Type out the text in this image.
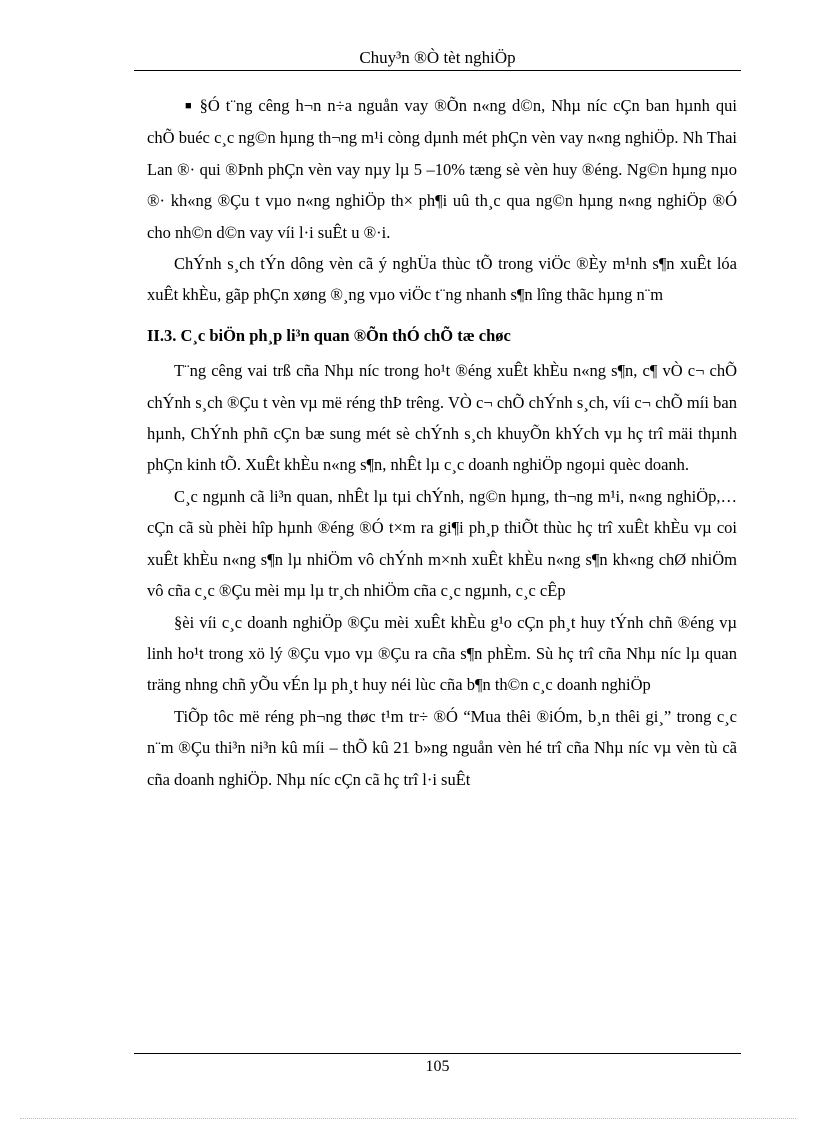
Chuy³n ®Ò tèt nghiÖp

■ §Ó t¨ng cêng h¬n n÷a nguån vay ®Õn n«ng d©n, Nhµ níc cÇn ban hµnh qui chÕ buéc c¸c ng©n hµng th¬ng m¹i còng dµnh mét phÇn vèn vay n«ng nghiÖp. Nh Thai Lan ®· qui ®Þnh phÇn vèn vay nµy lµ 5 –10% tæng sè vèn huy ®éng. Ng©n hµng nµo ®· kh«ng ®Çu t vµo n«ng nghiÖp th× ph¶i uû th¸c qua ng©n hµng n«ng nghiÖp ®Ó cho nh©n d©n vay víi l·i suÊt u ®·i.

ChÝnh s¸ch tÝn dông vèn cã ý nghÜa thùc tÕ trong viÖc ®Èy m¹nh s¶n xuÊt lóa xuÊt khÈu, gãp phÇn xøng ®¸ng vµo viÖc t¨ng nhanh s¶n lîng thãc hµng n¨m

II.3. C¸c biÖn ph¸p li³n quan ®Õn thÓ chÕ tæ chøc

T¨ng cêng vai trß cña Nhµ níc trong ho¹t ®éng xuÊt khÈu n«ng s¶n, c¶ vÒ c¬ chÕ chÝnh s¸ch ®Çu t vèn vµ më réng thÞ trêng. VÒ c¬ chÕ chÝnh s¸ch, víi c¬ chÕ míi ban hµnh, ChÝnh phñ cÇn bæ sung mét sè chÝnh s¸ch khuyÕn khÝch vµ hç trî mäi thµnh phÇn kinh tÕ. XuÊt khÈu n«ng s¶n, nhÊt lµ c¸c doanh nghiÖp ngoµi quèc doanh.

C¸c ngµnh cã li³n quan, nhÊt lµ tµi chÝnh, ng©n hµng, th¬ng m¹i, n«ng nghiÖp,…cÇn cã sù phèi hîp hµnh ®éng ®Ó t×m ra gi¶i ph¸p thiÕt thùc hç trî xuÊt khÈu vµ coi xuÊt khÈu n«ng s¶n lµ nhiÖm vô chÝnh m×nh xuÊt khÈu n«ng s¶n kh«ng chØ nhiÖm vô cña c¸c ®Çu mèi mµ lµ tr¸ch nhiÖm cña c¸c ngµnh, c¸c cÊp

§èi víi c¸c doanh nghiÖp ®Çu mèi xuÊt khÈu g¹o cÇn ph¸t huy tÝnh chñ ®éng vµ linh ho¹t trong xö lý ®Çu vµo vµ ®Çu ra cña s¶n phÈm. Sù hç trî cña Nhµ níc lµ quan träng nhng chñ yÕu vÉn lµ ph¸t huy néi lùc cña b¶n th©n c¸c doanh nghiÖp

TiÕp tôc më réng ph¬ng thøc t¹m tr÷ ®Ó “Mua thêi ®iÓm, b¸n thêi gi¸” trong c¸c n¨m ®Çu thi³n ni³n kû míi – thÕ kû 21 b»ng nguån vèn hé trî cña Nhµ níc vµ vèn tù cã cña doanh nghiÖp. Nhµ níc cÇn cã hç trî l·i suÊt

105
